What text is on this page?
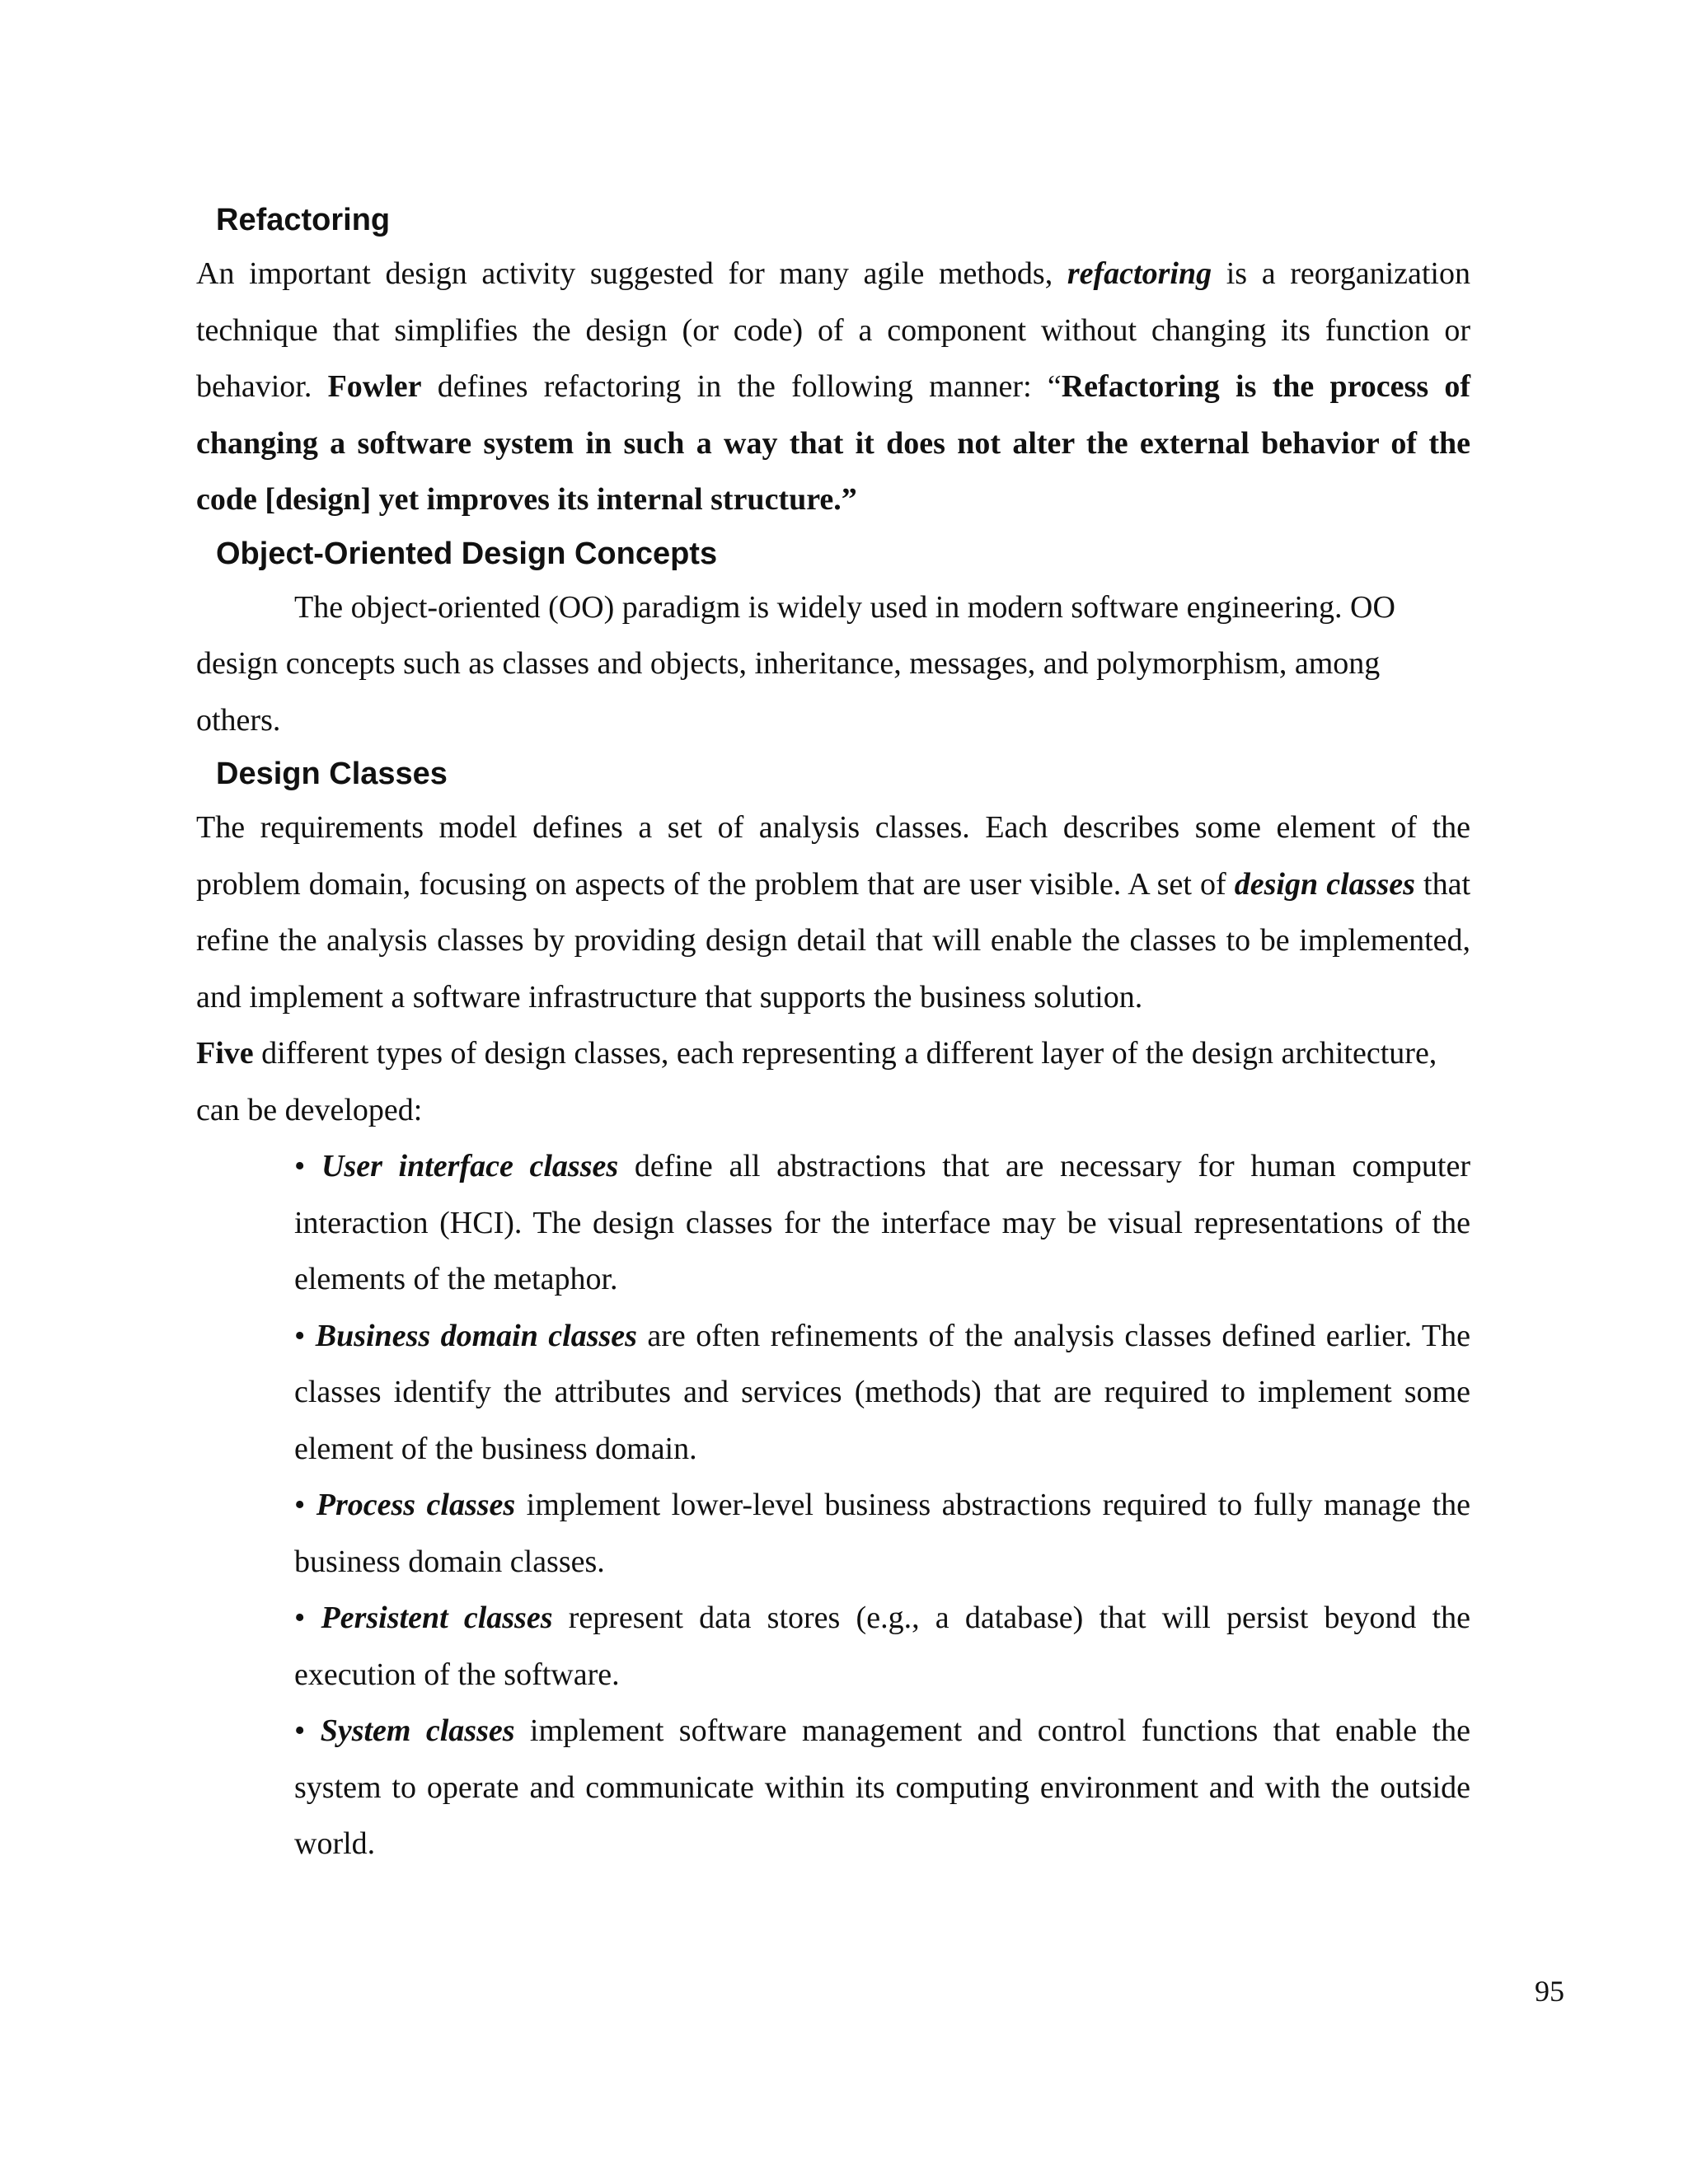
Refactoring

An important design activity suggested for many agile methods, refactoring is a reorganization technique that simplifies the design (or code) of a component without changing its function or behavior. Fowler defines refactoring in the following manner: “Refactoring is the process of changing a software system in such a way that it does not alter the external behavior of the code [design] yet improves its internal structure.”

Object-Oriented Design Concepts

The object-oriented (OO) paradigm is widely used in modern software engineering. OO design concepts such as classes and objects, inheritance, messages, and polymorphism, among others.

Design Classes

The requirements model defines a set of analysis classes. Each describes some element of the problem domain, focusing on aspects of the problem that are user visible. A set of design classes that refine the analysis classes by providing design detail that will enable the classes to be implemented, and implement a software infrastructure that supports the business solution.

Five different types of design classes, each representing a different layer of the design architecture, can be developed:

• User interface classes define all abstractions that are necessary for human computer interaction (HCI). The design classes for the interface may be visual representations of the elements of the metaphor.
• Business domain classes are often refinements of the analysis classes defined earlier. The classes identify the attributes and services (methods) that are required to implement some element of the business domain.
• Process classes implement lower-level business abstractions required to fully manage the business domain classes.
• Persistent classes represent data stores (e.g., a database) that will persist beyond the execution of the software.
• System classes implement software management and control functions that enable the system to operate and communicate within its computing environment and with the outside world.
95
